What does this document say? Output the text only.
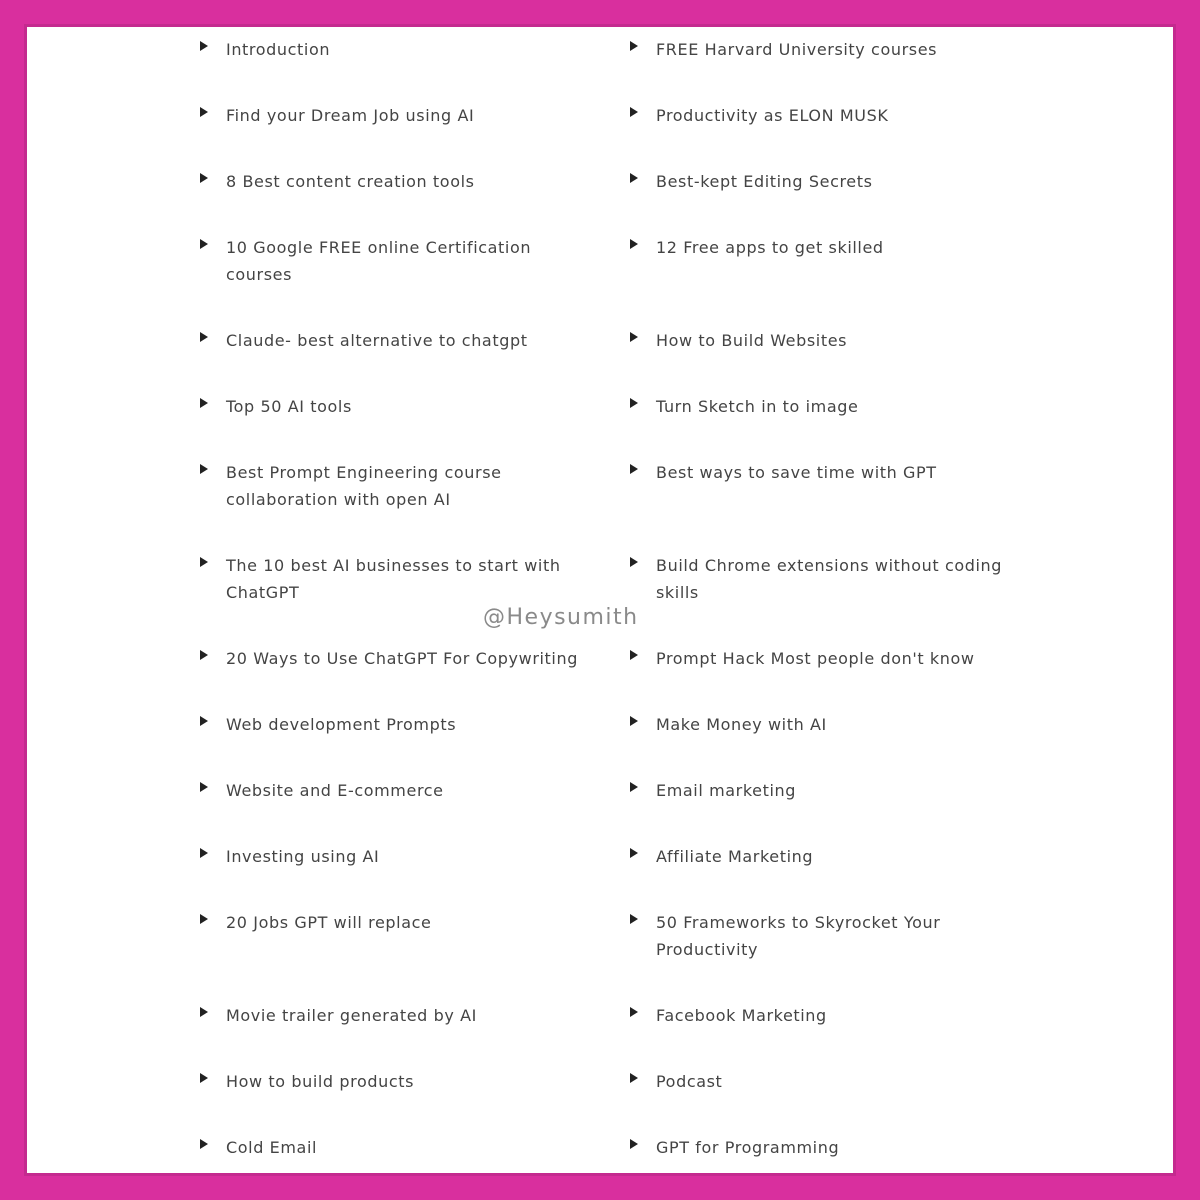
Introduction
Find your Dream Job using AI
8 Best content creation tools
10 Google FREE online Certification courses
Claude- best alternative to chatgpt
Top 50 AI tools
Best Prompt Engineering course collaboration with open AI
The 10 best AI businesses to start with ChatGPT
20 Ways to Use ChatGPT For Copywriting
Web development Prompts
Website and E-commerce
Investing using AI
20 Jobs GPT will replace
Movie trailer generated by AI
How to build products
Cold Email
FREE Harvard University courses
Productivity as ELON MUSK
Best-kept Editing Secrets
12 Free apps to get skilled
How to Build Websites
Turn Sketch in to image
Best ways to save time with GPT
Build Chrome extensions without coding skills
Prompt Hack Most people don't know
Make Money with AI
Email marketing
Affiliate Marketing
50 Frameworks to Skyrocket Your Productivity
Facebook Marketing
Podcast
GPT for Programming
@Heysumith
